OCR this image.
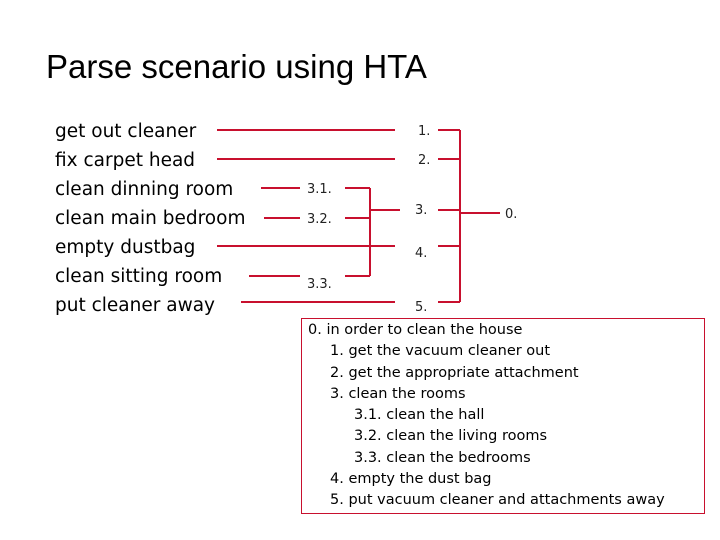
Parse scenario using HTA
get out cleaner
fix carpet head
clean dinning room
clean main bedroom
empty dustbag
clean sitting room
put cleaner away
3.1.
3.2.
3.3.
1.
2.
3.
4.
5.
0.
0. in order to clean the house
1. get the vacuum cleaner out
2. get the appropriate attachment
3. clean the rooms
3.1. clean the hall
3.2. clean the living rooms
3.3. clean the bedrooms
4. empty the dust bag
5. put vacuum cleaner and attachments away
